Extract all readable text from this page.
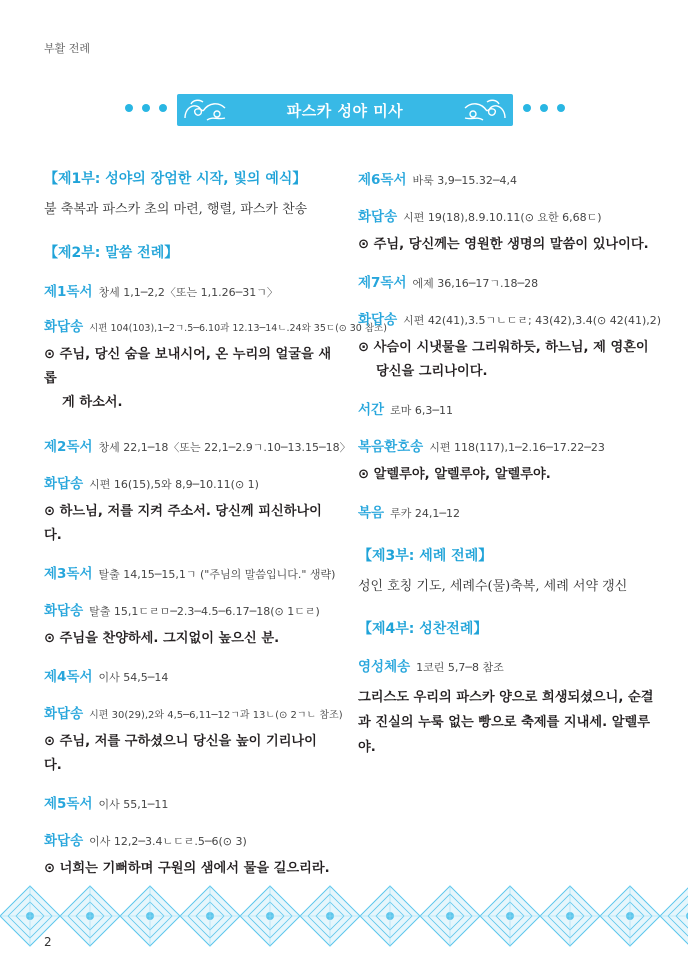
부활 전례
파스카 성야 미사

【제1부: 성야의 장엄한 시작, 빛의 예식】

불 축복과 파스카 초의 마련, 행렬, 파스카 찬송

【제2부: 말씀 전례】

제1독서 창세 1,1─2,2〈또는 1,1.26─31ㄱ〉

화답송 시편 104(103),1─2ㄱ.5─6.10과 12.13─14ㄴ.24와 35ㄷ(⊙ 30 참조)

⊙ 주님, 당신 숨을 보내시어, 온 누리의 얼굴을 새롭
게 하소서.

제2독서 창세 22,1─18〈또는 22,1─2.9ㄱ.10─13.15─18〉

화답송 시편 16(15),5와 8,9─10.11(⊙ 1)

⊙ 하느님, 저를 지켜 주소서. 당신께 피신하나이다.

제3독서 탈출 14,15─15,1ㄱ ("주님의 말씀입니다." 생략)

화답송 탈출 15,1ㄷㄹㅁ─2.3─4.5─6.17─18(⊙ 1ㄷㄹ)

⊙ 주님을 찬양하세. 그지없이 높으신 분.

제4독서 이사 54,5─14

화답송 시편 30(29),2와 4,5─6,11─12ㄱ과 13ㄴ(⊙ 2ㄱㄴ 참조)

⊙ 주님, 저를 구하셨으니 당신을 높이 기리나이다.

제5독서 이사 55,1─11

화답송 이사 12,2─3.4ㄴㄷㄹ.5─6(⊙ 3)

⊙ 너희는 기뻐하며 구원의 샘에서 물을 길으리라.

제6독서 바룩 3,9─15.32─4,4

화답송 시편 19(18),8.9.10.11(⊙ 요한 6,68ㄷ)

⊙ 주님, 당신께는 영원한 생명의 말씀이 있나이다.

제7독서 에제 36,16─17ㄱ.18─28

화답송 시편 42(41),3.5ㄱㄴㄷㄹ; 43(42),3.4(⊙ 42(41),2)

⊙ 사슴이 시냇물을 그리워하듯, 하느님, 제 영혼이
당신을 그리나이다.

서간 로마 6,3─11

복음환호송 시편 118(117),1─2.16─17.22─23

⊙ 알렐루야, 알렐루야, 알렐루야.

복음 루카 24,1─12

【제3부: 세례 전례】

성인 호칭 기도, 세례수(물)축복, 세례 서약 갱신

【제4부: 성찬전례】

영성체송 1코린 5,7─8 참조

그리스도 우리의 파스카 양으로 희생되셨으니, 순결
과 진실의 누룩 없는 빵으로 축제를 지내세. 알렐루야.

2
